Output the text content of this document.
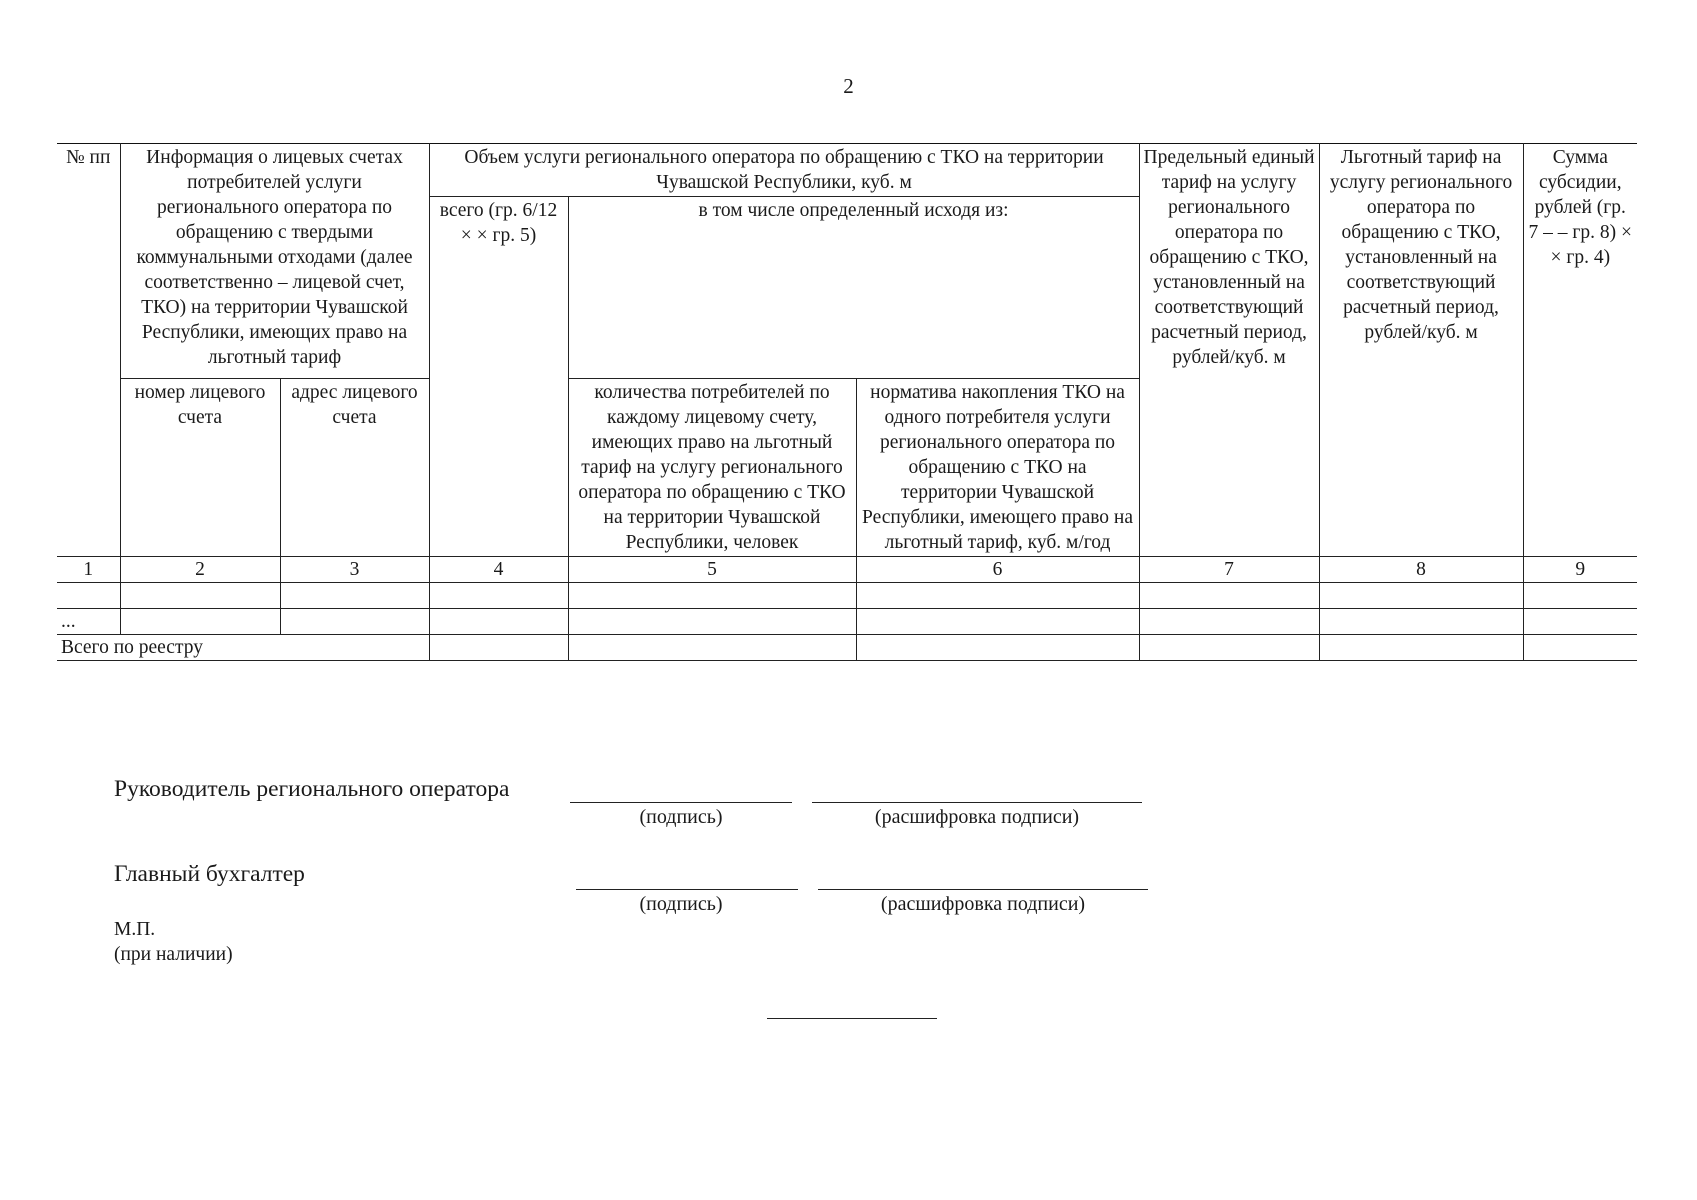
2
№ пп	Информация о лицевых счетах потребителей услуги регионального оператора по обращению с твердыми коммунальными отходами (далее соответственно – лицевой счет, ТКО) на территории Чувашской Республики, имеющих право на льготный тариф		Объем услуги регионального оператора по обращению с ТКО на территории Чувашской Республики, куб. м			Предельный единый тариф на услугу регионального оператора по обращению с ТКО, установленный на соответствующий расчетный период, рублей/куб. м	Льготный тариф на услугу регионального оператора по обращению с ТКО, установленный на соответствующий расчетный период, рублей/куб. м	Сумма субсидии, рублей (гр. 7 – – гр. 8) × × гр. 4)
			всего (гр. 6/12 × × гр. 5)	в том числе определенный исходя из:				
	номер лицевого счета	адрес лицевого счета		количества потребителей по каждому лицевому счету, имеющих право на льготный тариф на услугу регионального оператора по обращению с ТКО на территории Чувашской Республики, человек	норматива накопления ТКО на одного потребителя услуги регионального оператора по обращению с ТКО на территории Чувашской Республики, имеющего право на льготный тариф, куб. м/год			
1	2	3	4	5	6	7	8	9

...								
Всего по реестру								
Руководитель регионального оператора
(подпись)	(расшифровка подписи)
Главный бухгалтер
(подпись)	(расшифровка подписи)
М.П.
(при наличии)
